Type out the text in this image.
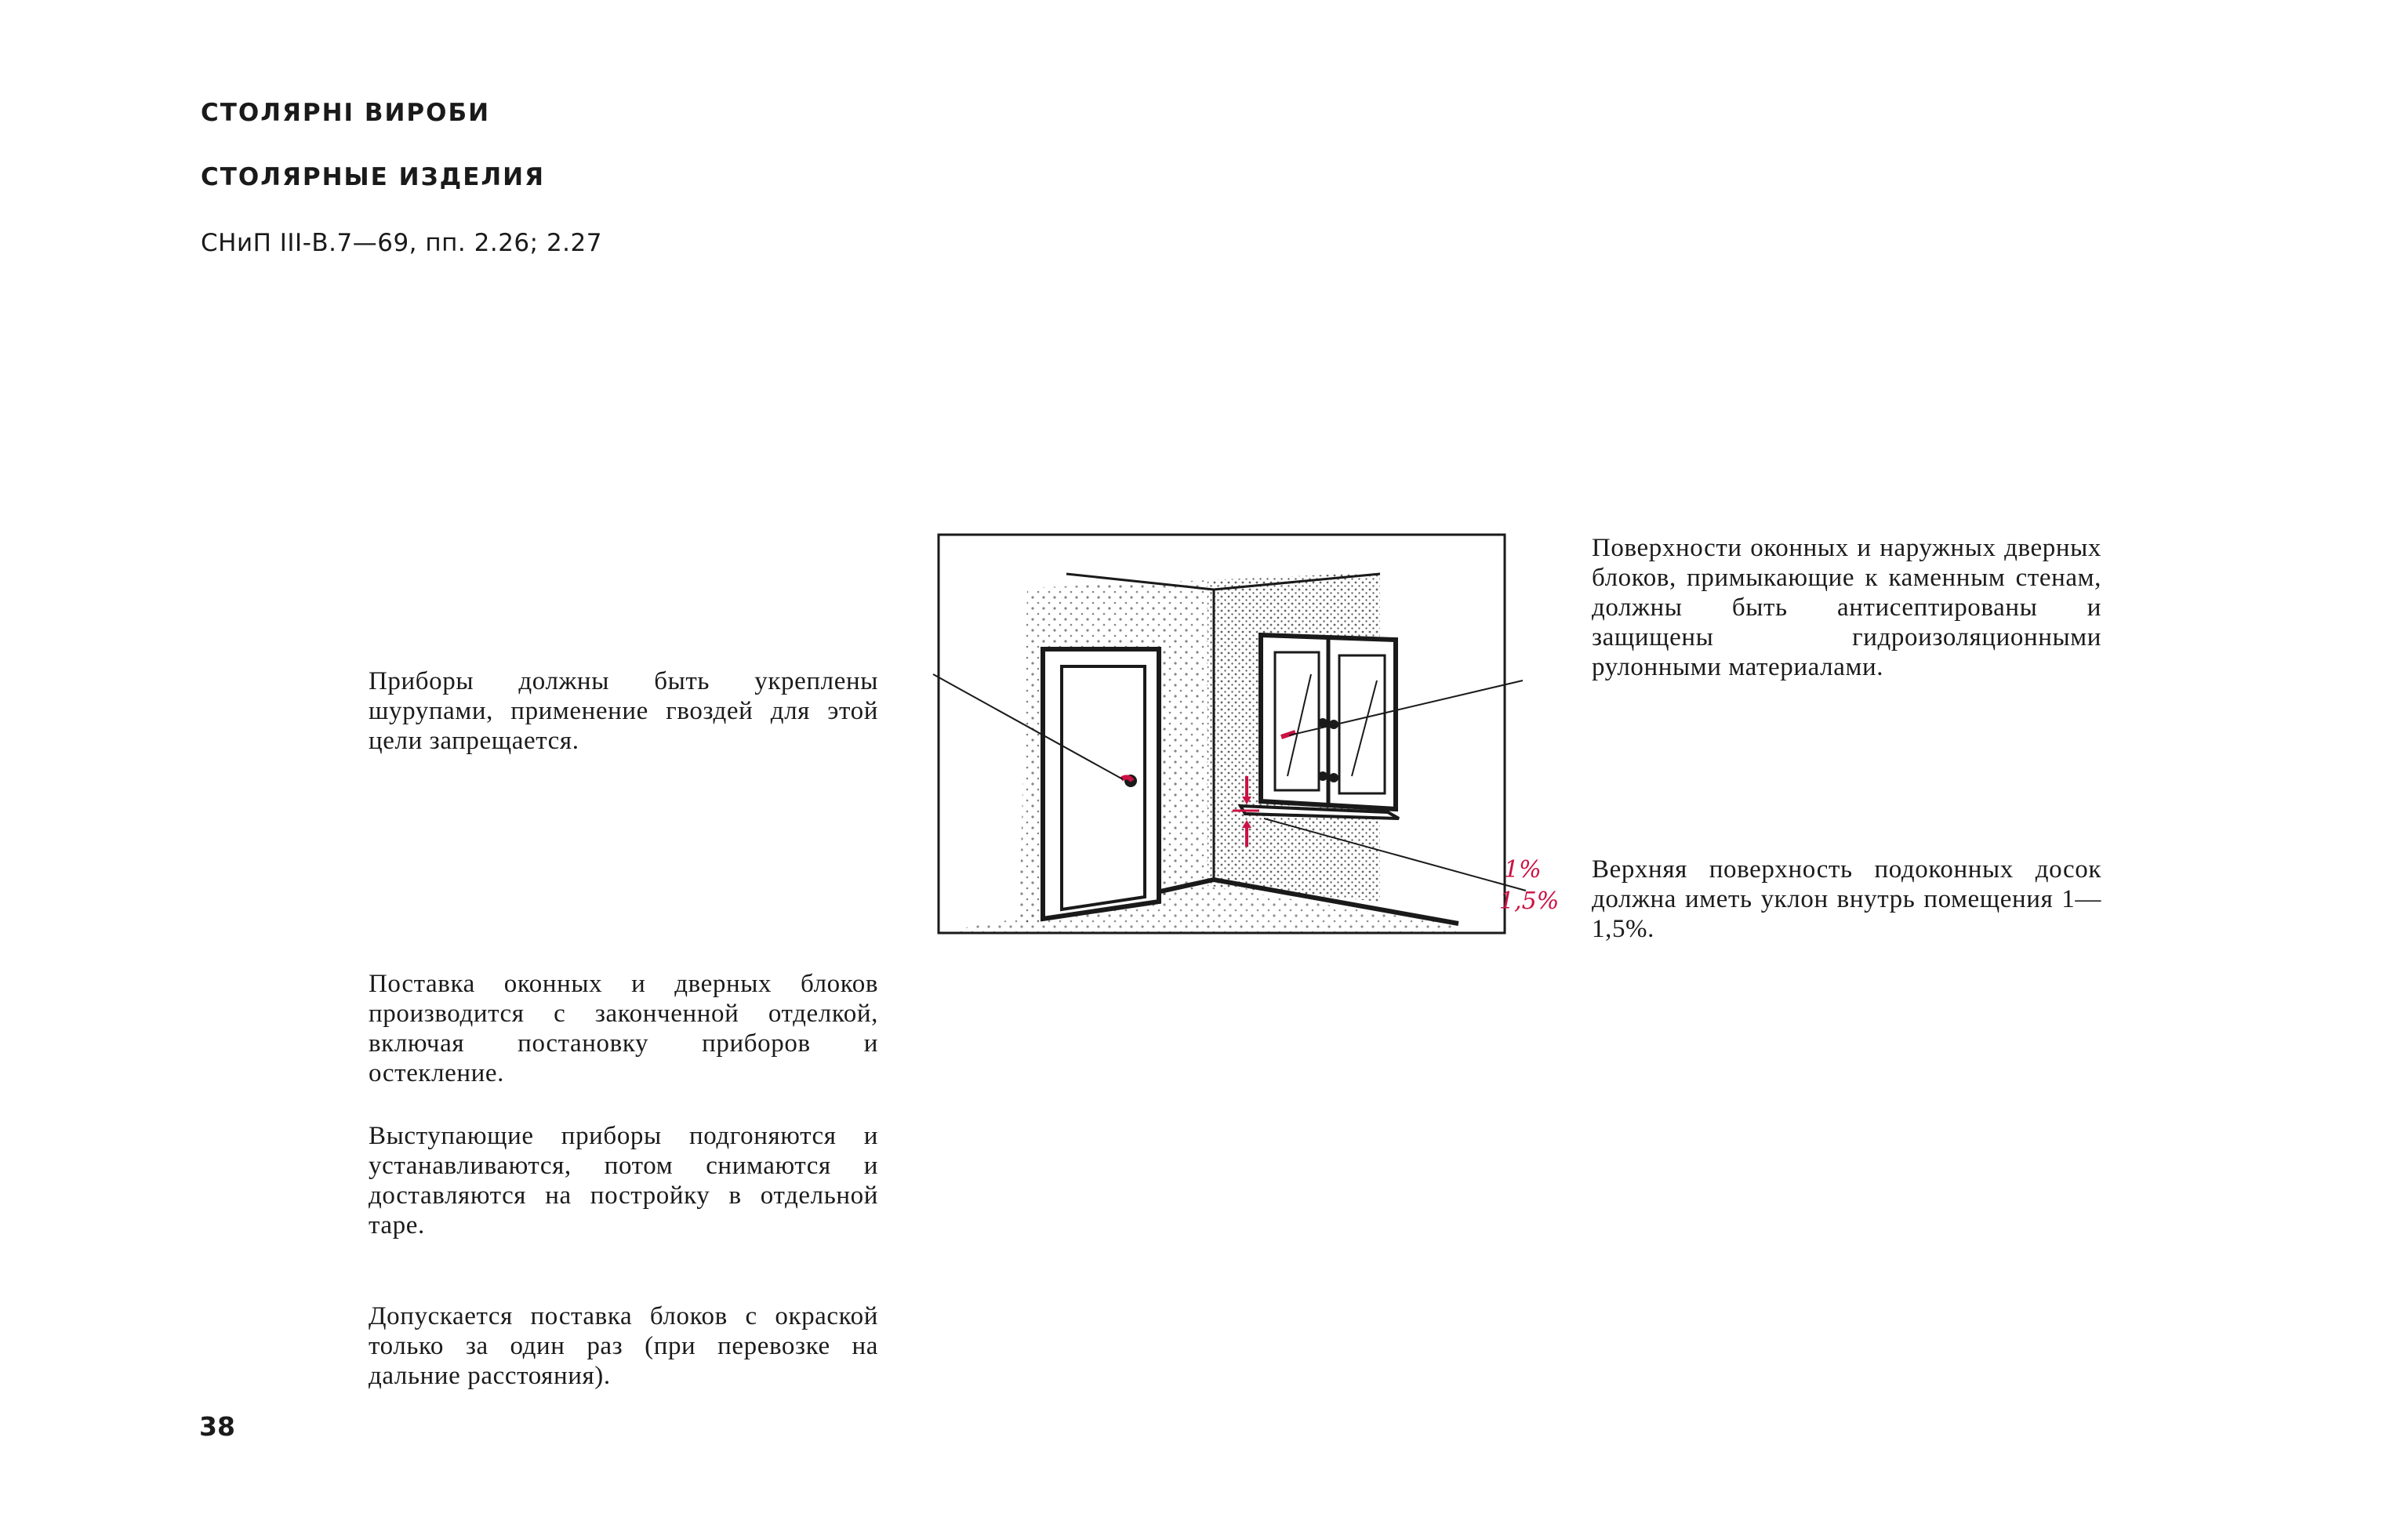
СТОЛЯРНІ ВИРОБИ
СТОЛЯРНЫЕ ИЗДЕЛИЯ

СНиП III-В.7—69, пп. 2.26; 2.27

Приборы должны быть укреплены шурупами, применение гвоздей для этой цели запрещается.

Поставка оконных и дверных блоков производится с законченной отделкой, включая постановку приборов и остекление.

Выступающие приборы подгоняются и устанавливаются, потом снимаются и доставляются на постройку в отдельной таре.

Допускается поставка блоков с окраской только за один раз (при перевозке на дальние расстояния).

Поверхности оконных и наружных дверных блоков, примыкающие к каменным стенам, должны быть антисептированы и защищены гидроизоляционными рулонными материалами.

Верхняя поверхность подоконных досок должна иметь уклон внутрь помещения 1—1,5%.

1%

1,5%

38
